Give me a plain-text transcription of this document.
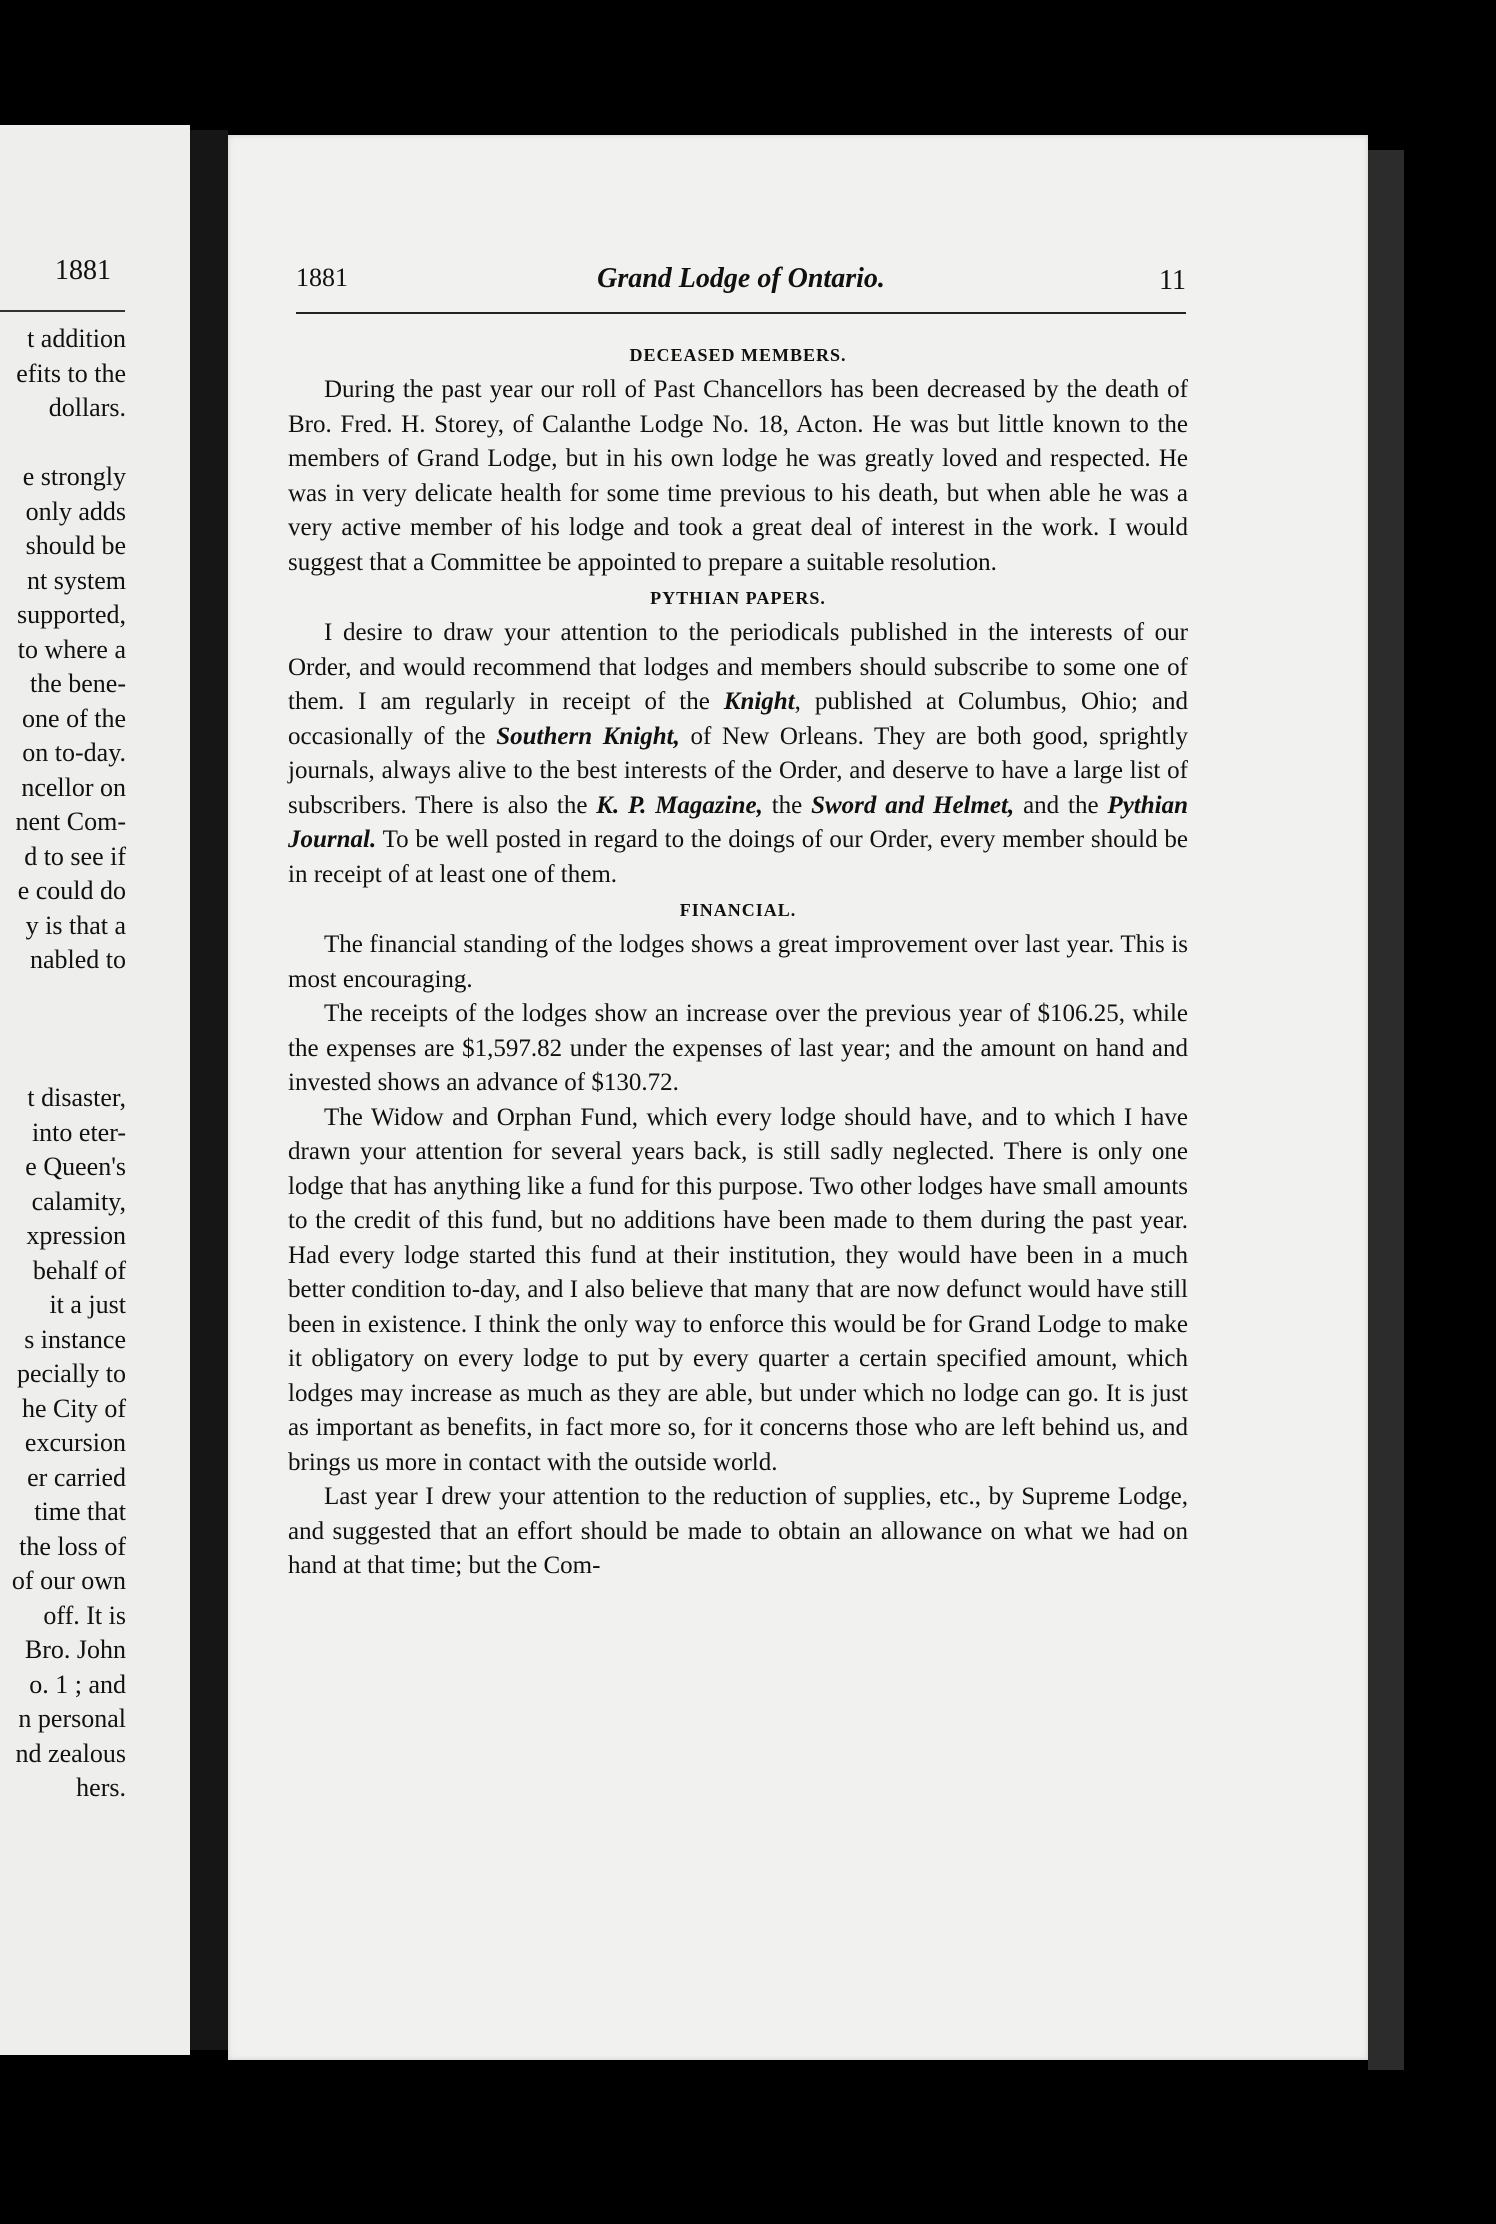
1881
t addition
efits to the
dollars.
e strongly
only adds
should be
nt system
supported,
to where a
the bene-
one of the
on to-day.
ncellor on
nent Com-
d to see if
e could do
y is that a
nabled to
t disaster,
into eter-
e Queen's
calamity,
xpression
behalf of
it a just
s instance
pecially to
he City of
excursion
er carried
time that
the loss of
of our own
off. It is
Bro. John
o. 1 ; and
n personal
nd zealous
hers.
1881	Grand Lodge of Ontario.	11
DECEASED MEMBERS.

During the past year our roll of Past Chancellors has been decreased by the death of Bro. Fred. H. Storey, of Calanthe Lodge No. 18, Acton. He was but little known to the members of Grand Lodge, but in his own lodge he was greatly loved and respected. He was in very delicate health for some time previous to his death, but when able he was a very active member of his lodge and took a great deal of interest in the work. I would suggest that a Committee be appointed to prepare a suitable resolution.

PYTHIAN PAPERS.

I desire to draw your attention to the periodicals published in the interests of our Order, and would recommend that lodges and members should subscribe to some one of them. I am regularly in receipt of the Knight, published at Columbus, Ohio; and occasionally of the Southern Knight, of New Orleans. They are both good, sprightly journals, always alive to the best interests of the Order, and deserve to have a large list of subscribers. There is also the K. P. Magazine, the Sword and Helmet, and the Pythian Journal. To be well posted in regard to the doings of our Order, every member should be in receipt of at least one of them.

FINANCIAL.

The financial standing of the lodges shows a great improvement over last year. This is most encouraging.

The receipts of the lodges show an increase over the previous year of $106.25, while the expenses are $1,597.82 under the expenses of last year; and the amount on hand and invested shows an advance of $130.72.

The Widow and Orphan Fund, which every lodge should have, and to which I have drawn your attention for several years back, is still sadly neglected. There is only one lodge that has anything like a fund for this purpose. Two other lodges have small amounts to the credit of this fund, but no additions have been made to them during the past year. Had every lodge started this fund at their institution, they would have been in a much better condition to-day, and I also believe that many that are now defunct would have still been in existence. I think the only way to enforce this would be for Grand Lodge to make it obligatory on every lodge to put by every quarter a certain specified amount, which lodges may increase as much as they are able, but under which no lodge can go. It is just as important as benefits, in fact more so, for it concerns those who are left behind us, and brings us more in contact with the outside world.

Last year I drew your attention to the reduction of supplies, etc., by Supreme Lodge, and suggested that an effort should be made to obtain an allowance on what we had on hand at that time; but the Com-
